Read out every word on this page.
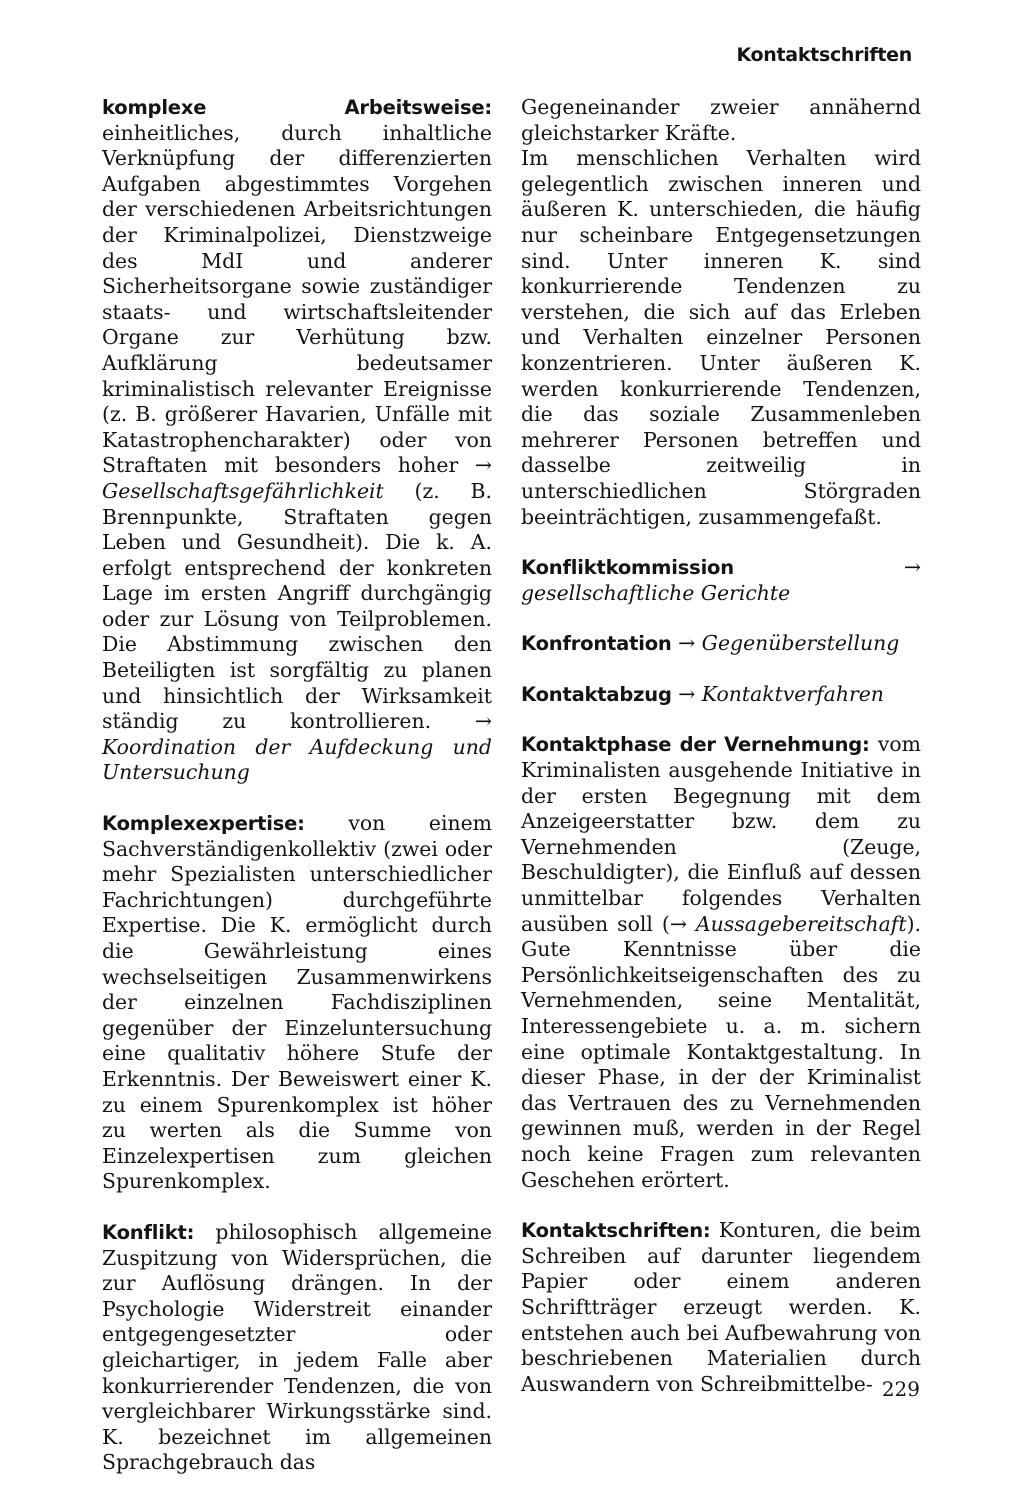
Kontaktschriften

komplexe Arbeitsweise: einheitliches, durch inhaltliche Verknüpfung der differenzierten Aufgaben abgestimmtes Vorgehen der verschiedenen Arbeitsrichtungen der Kriminalpolizei, Dienstzweige des MdI und anderer Sicherheitsorgane sowie zuständiger staats- und wirtschaftsleitender Organe zur Verhütung bzw. Aufklärung bedeutsamer kriminalistisch relevanter Ereignisse (z. B. größerer Havarien, Unfälle mit Katastrophencharakter) oder von Straftaten mit besonders hoher → Gesellschaftsgefährlichkeit (z. B. Brennpunkte, Straftaten gegen Leben und Gesundheit). Die k. A. erfolgt entsprechend der konkreten Lage im ersten Angriff durchgängig oder zur Lösung von Teilproblemen. Die Abstimmung zwischen den Beteiligten ist sorgfältig zu planen und hinsichtlich der Wirksamkeit ständig zu kontrollieren. → Koordination der Aufdeckung und Untersuchung

Komplexexpertise: von einem Sachverständigenkollektiv (zwei oder mehr Spezialisten unterschiedlicher Fachrichtungen) durchgeführte Expertise. Die K. ermöglicht durch die Gewährleistung eines wechselseitigen Zusammenwirkens der einzelnen Fachdisziplinen gegenüber der Einzeluntersuchung eine qualitativ höhere Stufe der Erkenntnis. Der Beweiswert einer K. zu einem Spurenkomplex ist höher zu werten als die Summe von Einzelexpertisen zum gleichen Spurenkomplex.

Konflikt: philosophisch allgemeine Zuspitzung von Widersprüchen, die zur Auflösung drängen. In der Psychologie Widerstreit einander entgegengesetzter oder gleichartiger, in jedem Falle aber konkurrierender Tendenzen, die von vergleichbarer Wirkungsstärke sind. K. bezeichnet im allgemeinen Sprachgebrauch das

Gegeneinander zweier annähernd gleichstarker Kräfte.

Im menschlichen Verhalten wird gelegentlich zwischen inneren und äußeren K. unterschieden, die häufig nur scheinbare Entgegensetzungen sind. Unter inneren K. sind konkurrierende Tendenzen zu verstehen, die sich auf das Erleben und Verhalten einzelner Personen konzentrieren. Unter äußeren K. werden konkurrierende Tendenzen, die das soziale Zusammenleben mehrerer Personen betreffen und dasselbe zeitweilig in unterschiedlichen Störgraden beeinträchtigen, zusammengefaßt.

Konfliktkommission → gesellschaftliche Gerichte

Konfrontation → Gegenüberstellung

Kontaktabzug → Kontaktverfahren

Kontaktphase der Vernehmung: vom Kriminalisten ausgehende Initiative in der ersten Begegnung mit dem Anzeigeerstatter bzw. dem zu Vernehmenden (Zeuge, Beschuldigter), die Einfluß auf dessen unmittelbar folgendes Verhalten ausüben soll (→ Aussagebereitschaft). Gute Kenntnisse über die Persönlichkeitseigenschaften des zu Vernehmenden, seine Mentalität, Interessengebiete u. a. m. sichern eine optimale Kontaktgestaltung. In dieser Phase, in der der Kriminalist das Vertrauen des zu Vernehmenden gewinnen muß, werden in der Regel noch keine Fragen zum relevanten Geschehen erörtert.

Kontaktschriften: Konturen, die beim Schreiben auf darunter liegendem Papier oder einem anderen Schriftträger erzeugt werden. K. entstehen auch bei Aufbewahrung von beschriebenen Materialien durch Auswandern von Schreibmittelbe- 229
